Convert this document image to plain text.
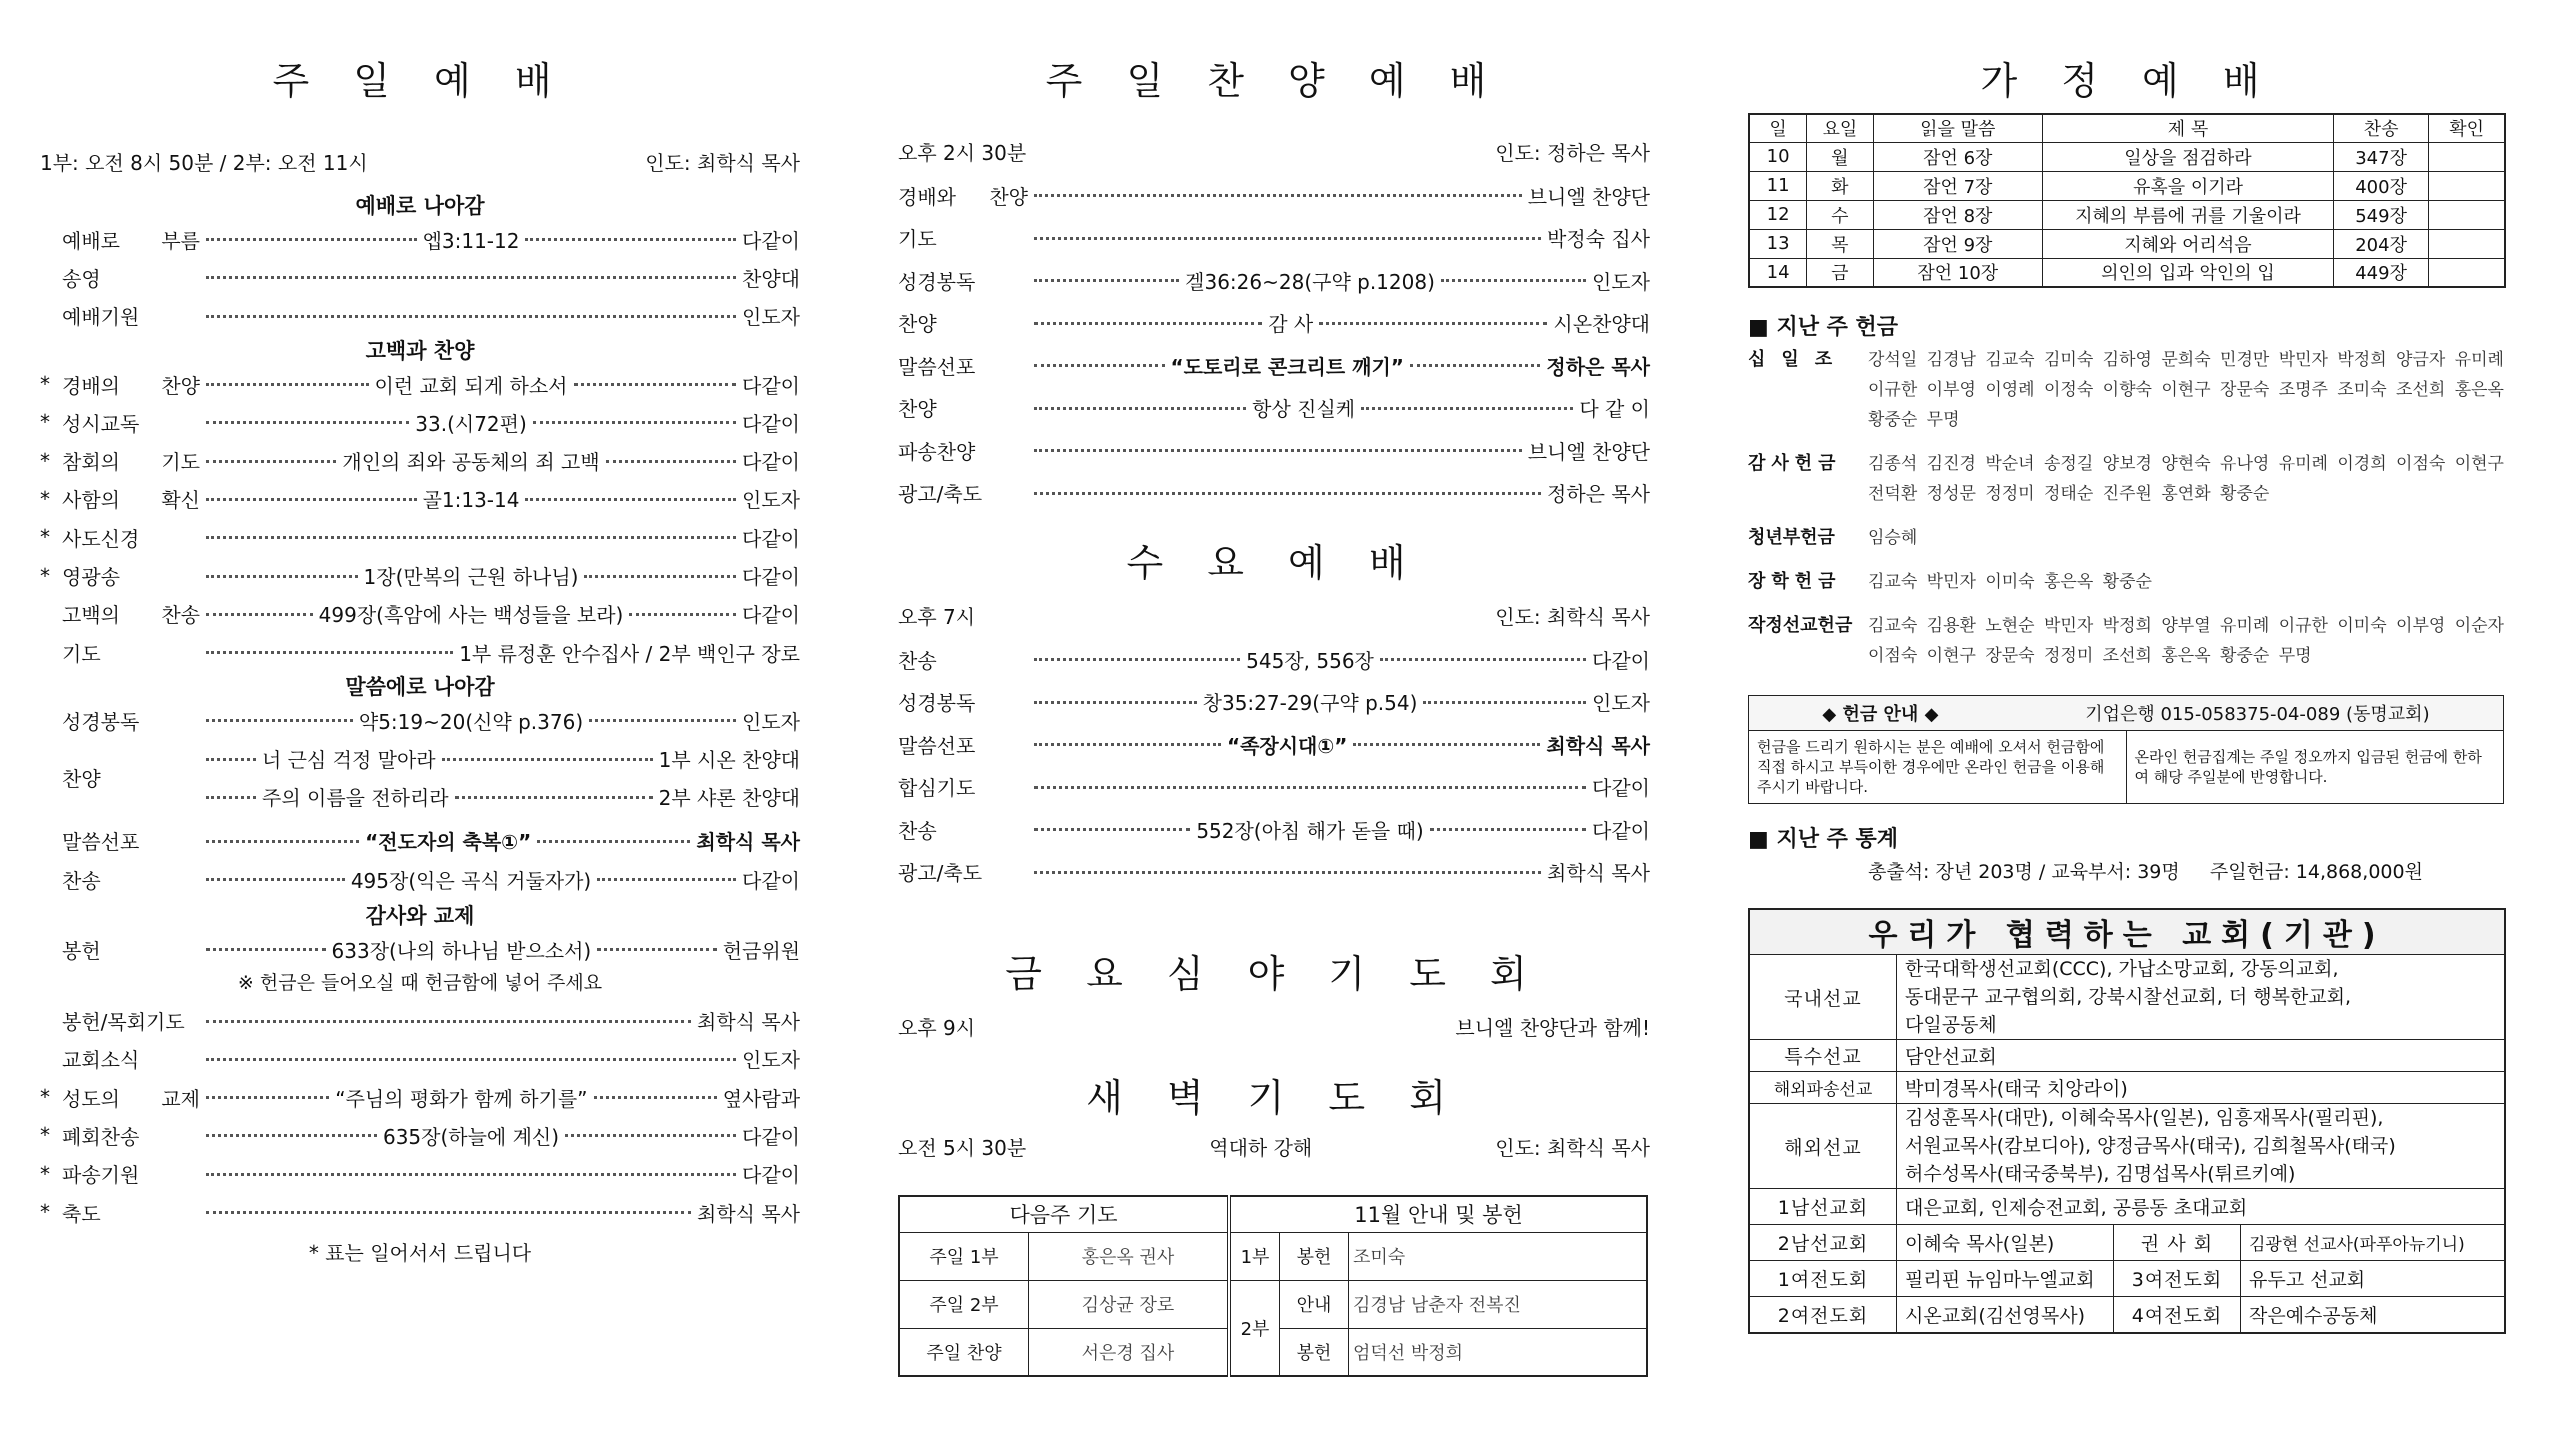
주 일 예 배
1부: 오전 8시 50분 / 2부: 오전 11시	인도: 최학식 목사
예배로 나아감
예배로 부름	엡3:11-12	다같이
송영	찬양대
예배기원	인도자
고백과 찬양
* 경배의 찬양	이런 교회 되게 하소서	다같이
* 성시교독	33.(시72편)	다같이
* 참회의 기도	개인의 죄와 공동체의 죄 고백	다같이
* 사함의 확신	골1:13-14	인도자
* 사도신경	다같이
* 영광송	1장(만복의 근원 하나님)	다같이
고백의 찬송	499장(흑암에 사는 백성들을 보라)	다같이
기도	1부 류정훈 안수집사 / 2부 백인구 장로
말씀에로 나아감
성경봉독	약5:19~20(신약 p.376)	인도자
찬양
너 근심 걱정 말아라	1부 시온 찬양대
주의 이름을 전하리라	2부 샤론 찬양대
말씀선포	“전도자의 축복①”	최학식 목사
찬송	495장(익은 곡식 거둘자가)	다같이
감사와 교제
봉헌	633장(나의 하나님 받으소서)	헌금위원
※ 헌금은 들어오실 때 헌금함에 넣어 주세요
봉헌/목회기도	최학식 목사
교회소식	인도자
* 성도의 교제	“주님의 평화가 함께 하기를”	옆사람과
* 폐회찬송	635장(하늘에 계신)	다같이
* 파송기원	다같이
* 축도	최학식 목사
* 표는 일어서서 드립니다
주 일 찬 양 예 배
오후 2시 30분	인도: 정하은 목사
경배와 찬양	브니엘 찬양단
기도	박정숙 집사
성경봉독	겔36:26~28(구약 p.1208)	인도자
찬양	감 사	시온찬양대
말씀선포	“도토리로 콘크리트 깨기”	정하은 목사
찬양	항상 진실케	다 같 이
파송찬양	브니엘 찬양단
광고/축도	정하은 목사
수 요 예 배
오후 7시	인도: 최학식 목사
찬송	545장, 556장	다같이
성경봉독	창35:27-29(구약 p.54)	인도자
말씀선포	“족장시대①”	최학식 목사
합심기도	다같이
찬송	552장(아침 해가 돋을 때)	다같이
광고/축도	최학식 목사
금 요 심 야 기 도 회
오후 9시	브니엘 찬양단과 함께!
새 벽 기 도 회
오전 5시 30분	역대하 강해	인도: 최학식 목사
다음주 기도		11월 안내 및 봉헌		
주일 1부	홍은옥 권사	1부	봉헌	조미숙
주일 2부	김상균 장로	2부	안내	김경남 남춘자 전복진
주일 찬양	서은경 집사		봉헌	엄덕선 박정희
가 정 예 배
일	요일	읽을 말씀	제 목	찬송	확인
10	월	잠언 6장	일상을 점검하라	347장	
11	화	잠언 7장	유혹을 이기라	400장	
12	수	잠언 8장	지혜의 부름에 귀를 기울이라	549장	
13	목	잠언 9장	지혜와 어리석음	204장	
14	금	잠언 10장	의인의 입과 악인의 입	449장	
■ 지난 주 헌금
십일조	강석일 김경남 김교숙 김미숙 김하영 문희숙 민경만 박민자 박정희 양금자 유미례 이규한 이부영 이영례 이정숙 이향숙 이현구 장문숙 조명주 조미숙 조선희 홍은옥 황중순 무명
감사헌금	김종석 김진경 박순녀 송정길 양보경 양현숙 유나영 유미례 이경희 이점숙 이현구 전덕환 정성문 정정미 정태순 진주원 홍연화 황중순
청년부헌금	임승혜
장학헌금	김교숙 박민자 이미숙 홍은옥 황중순
작정선교헌금 김교숙 김용환 노현순 박민자 박정희 양부열 유미례 이규한 이미숙 이부영 이순자 이점숙 이현구 장문숙 정정미 조선희 홍은옥 황중순 무명
◆ 헌금 안내 ◆	기업은행 015-058375-04-089 (동명교회)
헌금을 드리기 원하시는 분은 예배에 오셔서 헌금함에 직접 하시고 부득이한 경우에만 온라인 헌금을 이용해 주시기 바랍니다.
온라인 헌금집계는 주일 정오까지 입금된 헌금에 한하여 해당 주일분에 반영합니다.
■ 지난 주 통계
총출석: 장년 203명 / 교육부서: 39명     주일헌금: 14,868,000원
우리가 협력하는 교회(기관)			
국내선교	한국대학생선교회(CCC), 가납소망교회, 강동의교회,
동대문구 교구협의회, 강북시찰선교회, 더 행복한교회,
다일공동체		

특수선교	담안선교회		
해외파송선교	박미경목사(태국 치앙라이)		
해외선교	김성훈목사(대만), 이혜숙목사(일본), 임흥재목사(필리핀),
서원교목사(캄보디아), 양정금목사(태국), 김희철목사(태국)
허수성목사(태국중북부), 김명섭목사(튀르키예)		

1남선교회	대은교회, 인제승전교회, 공릉동 초대교회		
2남선교회	이혜숙 목사(일본)	권 사 회	김광현 선교사(파푸아뉴기니)
1여전도회	필리핀 뉴임마누엘교회	3여전도회	유두고 선교회
2여전도회	시온교회(김선영목사)	4여전도회	작은예수공동체
